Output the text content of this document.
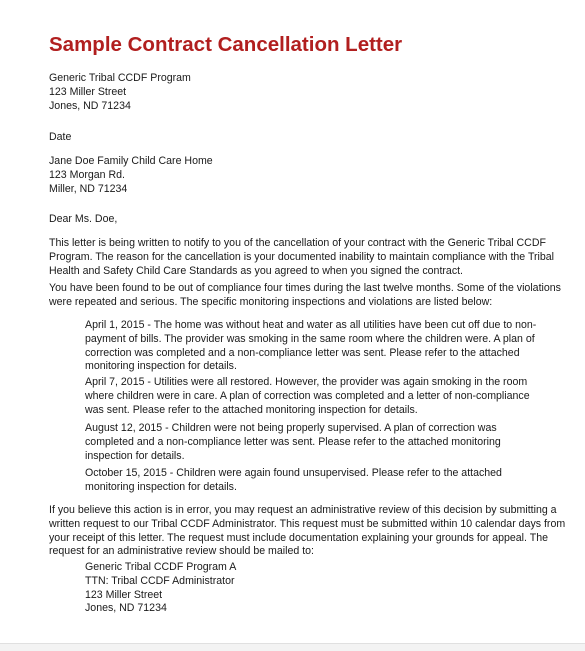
Sample Contract Cancellation Letter
Generic Tribal CCDF Program
123 Miller Street
Jones, ND 71234
Date
Jane Doe Family Child Care Home
123 Morgan Rd.
Miller, ND 71234
Dear Ms. Doe,
This letter is being written to notify to you of the cancellation of your contract with the Generic Tribal CCDF
Program. The reason for the cancellation is your documented inability to maintain compliance with the Tribal
Health and Safety Child Care Standards as you agreed to when you signed the contract.
You have been found to be out of compliance four times during the last twelve months. Some of the violations
were repeated and serious. The specific monitoring inspections and violations are listed below:
April 1, 2015 - The home was without heat and water as all utilities have been cut off due to non-
payment of bills. The provider was smoking in the same room where the children were. A plan of
correction was completed and a non-compliance letter was sent. Please refer to the attached
monitoring inspection for details.
April 7, 2015 - Utilities were all restored. However, the provider was again smoking in the room
where children were in care. A plan of correction was completed and a letter of non-compliance
was sent. Please refer to the attached monitoring inspection for details.
August 12, 2015 - Children were not being properly supervised. A plan of correction was
completed and a non-compliance letter was sent. Please refer to the attached monitoring
inspection for details.
October 15, 2015 - Children were again found unsupervised. Please refer to the attached
monitoring inspection for details.
If you believe this action is in error, you may request an administrative review of this decision by submitting a
written request to our Tribal CCDF Administrator. This request must be submitted within 10 calendar days from
your receipt of this letter. The request must include documentation explaining your grounds for appeal. The
request for an administrative review should be mailed to:
Generic Tribal CCDF Program A
TTN: Tribal CCDF Administrator
123 Miller Street
Jones, ND 71234
